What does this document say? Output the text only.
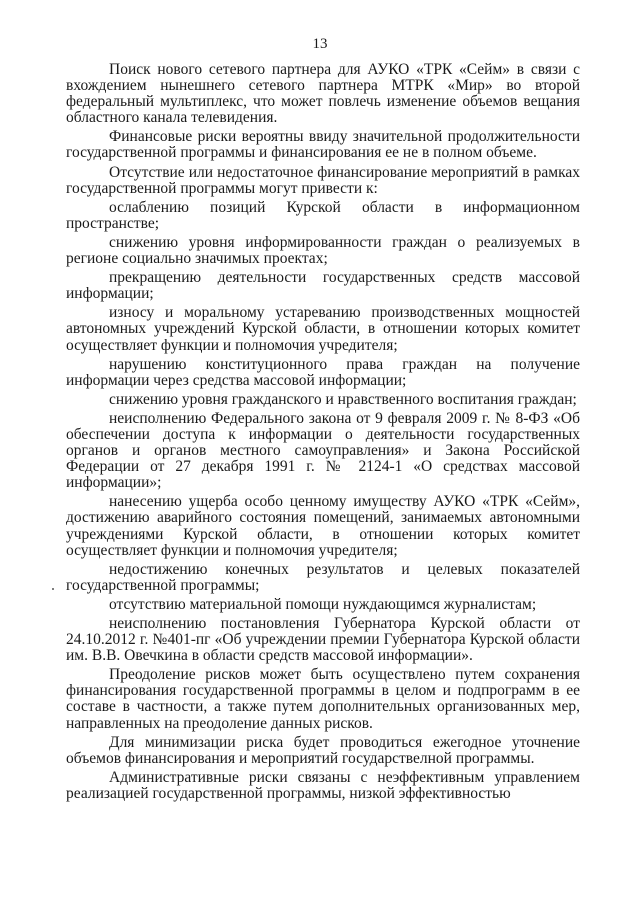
13

Поиск нового сетевого партнера для АУКО «ТРК «Сейм» в связи с вхождением нынешнего сетевого партнера МТРК «Мир» во второй федеральный мультиплекс, что может повлечь изменение объемов вещания областного канала телевидения.

Финансовые риски вероятны ввиду значительной продолжительности государственной программы и финансирования ее не в полном объеме.

Отсутствие или недостаточное финансирование мероприятий в рамках государственной программы могут привести к:

ослаблению позиций Курской области в информационном пространстве;

снижению уровня информированности граждан о реализуемых в регионе социально значимых проектах;

прекращению деятельности государственных средств массовой информации;

износу и моральному устареванию производственных мощностей автономных учреждений Курской области, в отношении которых комитет осуществляет функции и полномочия учредителя;

нарушению конституционного права граждан на получение информации через средства массовой информации;

снижению уровня гражданского и нравственного воспитания граждан;

неисполнению Федерального закона от 9 февраля 2009 г. № 8-ФЗ «Об обеспечении доступа к информации о деятельности государственных органов и органов местного самоуправления» и Закона Российской Федерации от 27 декабря 1991 г. № 2124-1 «О средствах массовой информации»;

нанесению ущерба особо ценному имуществу АУКО «ТРК «Сейм», достижению аварийного состояния помещений, занимаемых автономными учреждениями Курской области, в отношении которых комитет осуществляет функции и полномочия учредителя;

недостижению конечных результатов и целевых показателей государственной программы;

отсутствию материальной помощи нуждающимся журналистам;

неисполнению постановления Губернатора Курской области от 24.10.2012 г. №401-пг «Об учреждении премии Губернатора Курской области им. В.В. Овечкина в области средств массовой информации».

Преодоление рисков может быть осуществлено путем сохранения финансирования государственной программы в целом и подпрограмм в ее составе в частности, а также путем дополнительных организованных мер, направленных на преодоление данных рисков.

Для минимизации риска будет проводиться ежегодное уточнение объемов финансирования и мероприятий государствелной программы.

Административные риски связаны с неэффективным управлением реализацией государственной программы, низкой эффективностью
